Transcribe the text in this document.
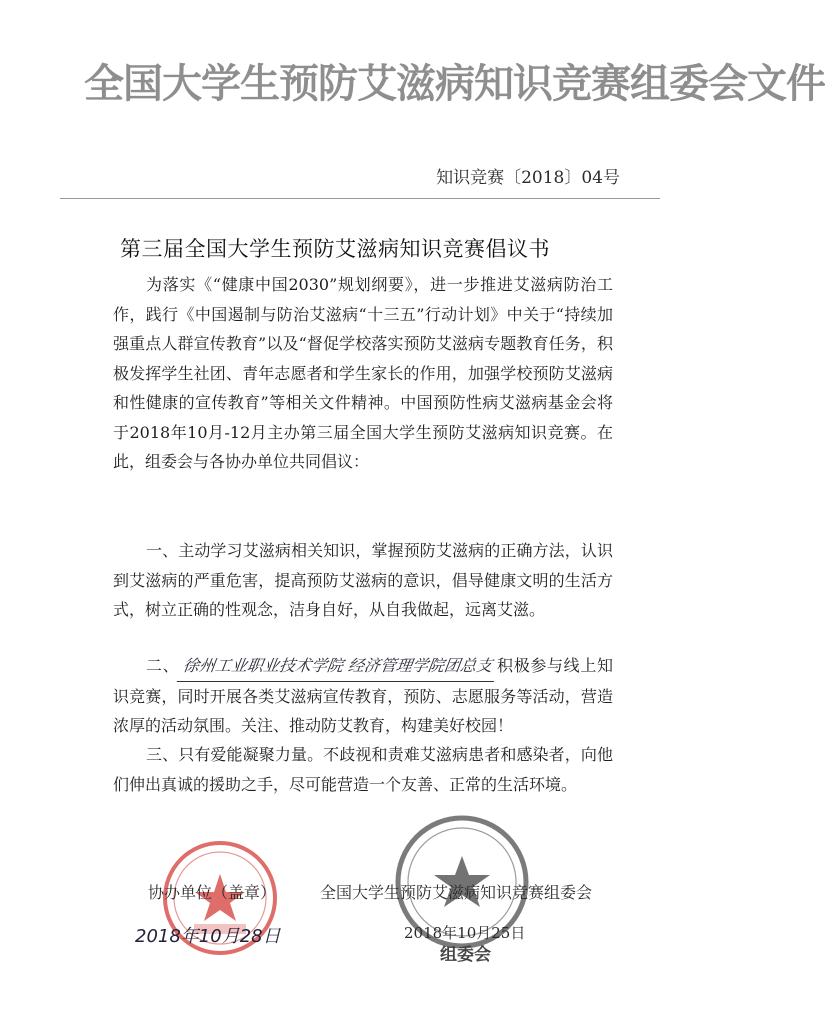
全国大学生预防艾滋病知识竞赛组委会文件
知识竞赛〔2018〕04号
第三届全国大学生预防艾滋病知识竞赛倡议书

为落实《“健康中国2030”规划纲要》，进一步推进艾滋病防治工作，践行《中国遏制与防治艾滋病“十三五”行动计划》中关于“持续加强重点人群宣传教育”以及“督促学校落实预防艾滋病专题教育任务，积极发挥学生社团、青年志愿者和学生家长的作用，加强学校预防艾滋病和性健康的宣传教育”等相关文件精神。中国预防性病艾滋病基金会将于2018年10月-12月主办第三届全国大学生预防艾滋病知识竞赛。在此，组委会与各协办单位共同倡议：

一、主动学习艾滋病相关知识，掌握预防艾滋病的正确方法，认识到艾滋病的严重危害，提高预防艾滋病的意识，倡导健康文明的生活方式，树立正确的性观念，洁身自好，从自我做起，远离艾滋。

二、 徐州工业职业技术学院 经济管理学院团总支 积极参与线上知识竞赛，同时开展各类艾滋病宣传教育，预防、志愿服务等活动，营造浓厚的活动氛围。关注、推动防艾教育，构建美好校园！

三、只有爱能凝聚力量。不歧视和责难艾滋病患者和感染者，向他们伸出真诚的援助之手，尽可能营造一个友善、正常的生活环境。

协办单位（盖章）	全国大学生预防艾滋病知识竞赛组委会
2018年10月28日	2018年10月25日
组委会
